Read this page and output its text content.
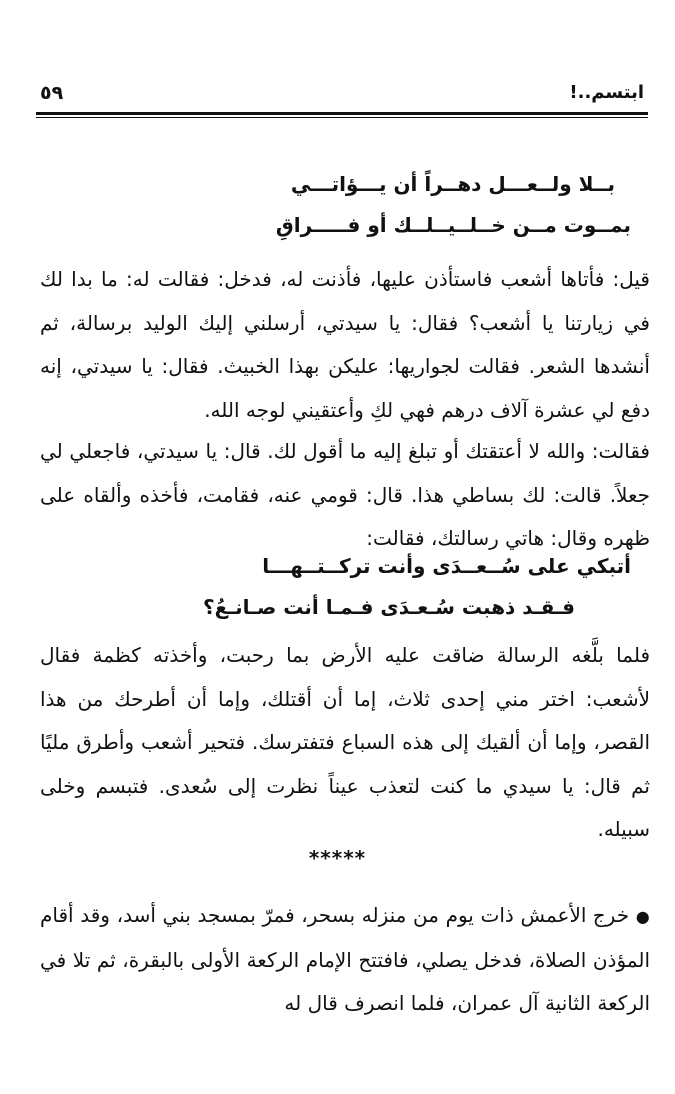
٥٩	ابتسم..!
بــلا ولــعـــل دهــراً أن يـــؤاتـــي
بمــوت مــن خــلــيــلــك أو فـــــراقِ

قيل: فأتاها أشعب فاستأذن عليها، فأذنت له، فدخل: فقالت له: ما بدا لك في زيارتنا يا أشعب؟ فقال: يا سيدتي، أرسلني إليك الوليد برسالة، ثم أنشدها الشعر. فقالت لجواريها: عليكن بهذا الخبيث. فقال: يا سيدتي، إنه دفع لي عشرة آلاف درهم فهي لكِ وأعتقيني لوجه الله.

فقالت: والله لا أعتقتك أو تبلغ إليه ما أقول لك. قال: يا سيدتي، فاجعلي لي جعلاً. قالت: لك بساطي هذا. قال: قومي عنه، فقامت، فأخذه وألقاه على ظهره وقال: هاتي رسالتك، فقالت:

أتبكي على سُــعــدَى وأنت تركــتــهـــا
فـقـد ذهبت سُـعـدَى فـمـا أنت صـانـعُ؟

فلما بلَّغه الرسالة ضاقت عليه الأرض بما رحبت، وأخذته كظمة فقال لأشعب: اختر مني إحدى ثلاث، إما أن أقتلك، وإما أن أطرحك من هذا القصر، وإما أن ألقيك إلى هذه السباع فتفترسك. فتحير أشعب وأطرق مليًا ثم قال: يا سيدي ما كنت لتعذب عيناً نظرت إلى سُعدى. فتبسم وخلى سبيله.

*****

● خرج الأعمش ذات يوم من منزله بسحر، فمرّ بمسجد بني أسد، وقد أقام المؤذن الصلاة، فدخل يصلي، فافتتح الإمام الركعة الأولى بالبقرة، ثم تلا في الركعة الثانية آل عمران، فلما انصرف قال له
